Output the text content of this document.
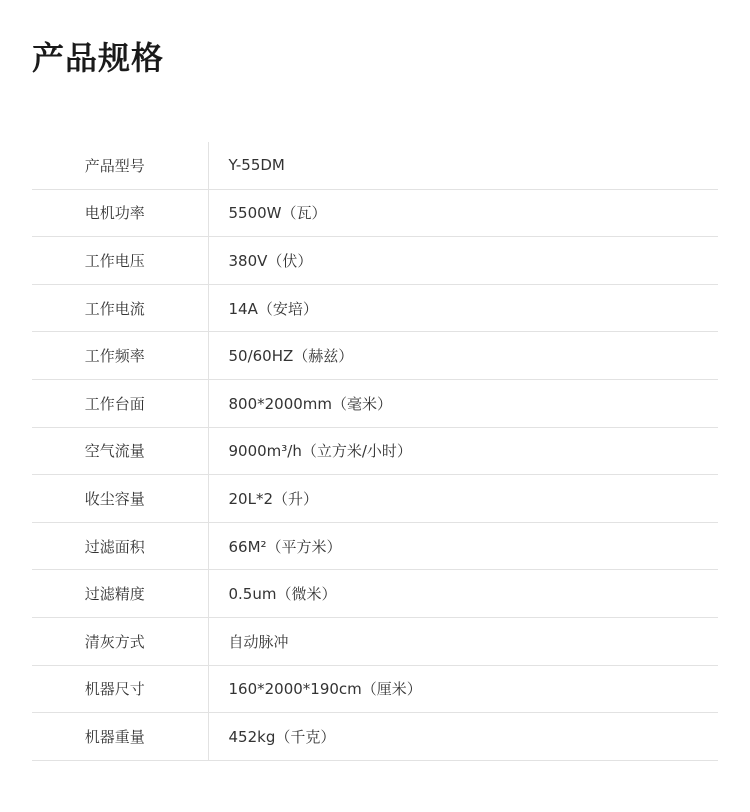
产品规格
产品型号	Y-55DM
电机功率	5500W（瓦）
工作电压	380V（伏）
工作电流	14A（安培）
工作频率	50/60HZ（赫兹）
工作台面	800*2000mm（毫米）
空气流量	9000m³/h（立方米/小时）
收尘容量	20L*2（升）
过滤面积	66M²（平方米）
过滤精度	0.5um（微米）
清灰方式	自动脉冲
机器尺寸	160*2000*190cm（厘米）
机器重量	452kg（千克）
